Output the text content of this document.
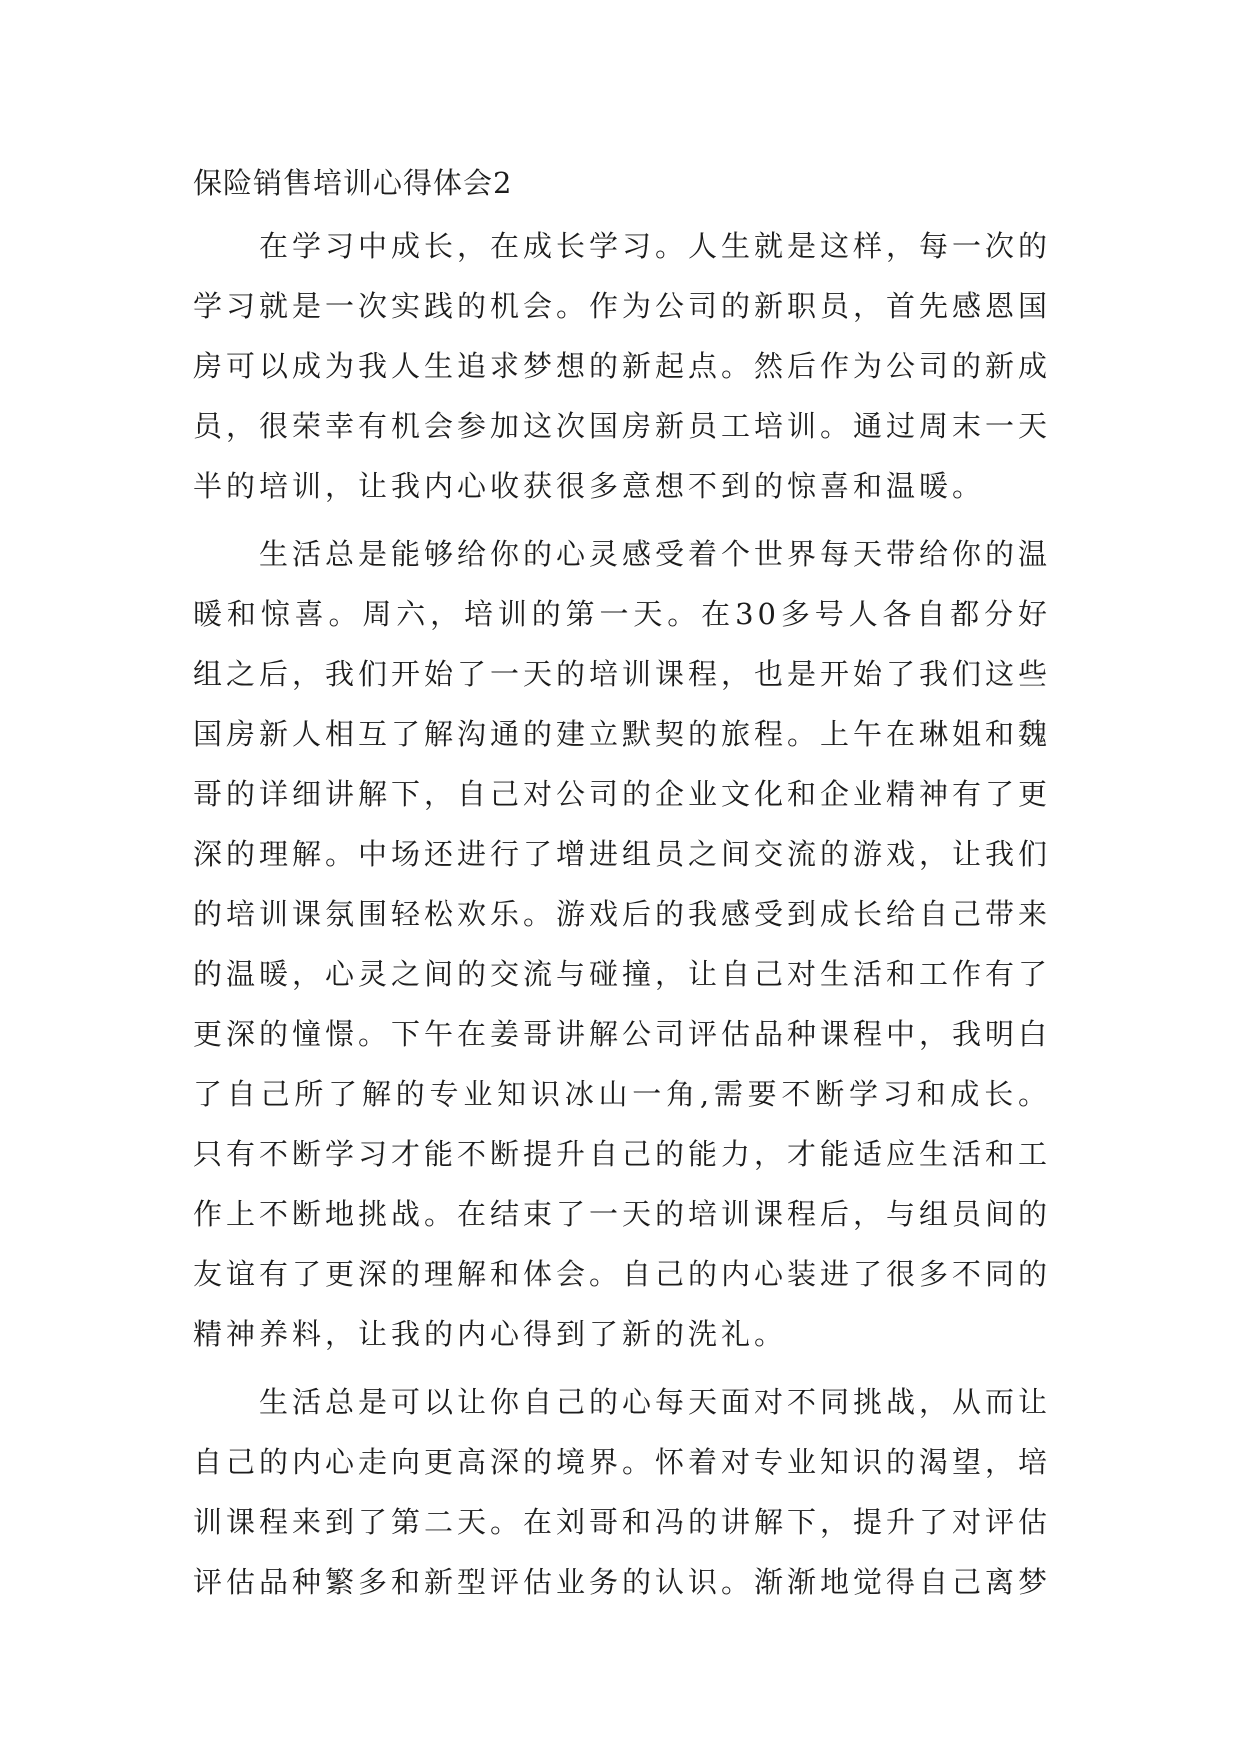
保险销售培训心得体会2

在学习中成长，在成长学习。人生就是这样，每一次的学习就是一次实践的机会。作为公司的新职员，首先感恩国房可以成为我人生追求梦想的新起点。然后作为公司的新成员，很荣幸有机会参加这次国房新员工培训。通过周末一天半的培训，让我内心收获很多意想不到的惊喜和温暖。

生活总是能够给你的心灵感受着个世界每天带给你的温暖和惊喜。周六，培训的第一天。在30多号人各自都分好组之后，我们开始了一天的培训课程，也是开始了我们这些国房新人相互了解沟通的建立默契的旅程。上午在琳姐和魏哥的详细讲解下，自己对公司的企业文化和企业精神有了更深的理解。中场还进行了增进组员之间交流的游戏，让我们的培训课氛围轻松欢乐。游戏后的我感受到成长给自己带来的温暖，心灵之间的交流与碰撞，让自己对生活和工作有了更深的憧憬。下午在姜哥讲解公司评估品种课程中，我明白了自己所了解的专业知识冰山一角,需要不断学习和成长。只有不断学习才能不断提升自己的能力，才能适应生活和工作上不断地挑战。在结束了一天的培训课程后，与组员间的友谊有了更深的理解和体会。自己的内心装进了很多不同的精神养料，让我的内心得到了新的洗礼。

生活总是可以让你自己的心每天面对不同挑战，从而让自己的内心走向更高深的境界。怀着对专业知识的渴望，培训课程来到了第二天。在刘哥和冯的讲解下，提升了对评估评估品种繁多和新型评估业务的认识。渐渐地觉得自己离梦
